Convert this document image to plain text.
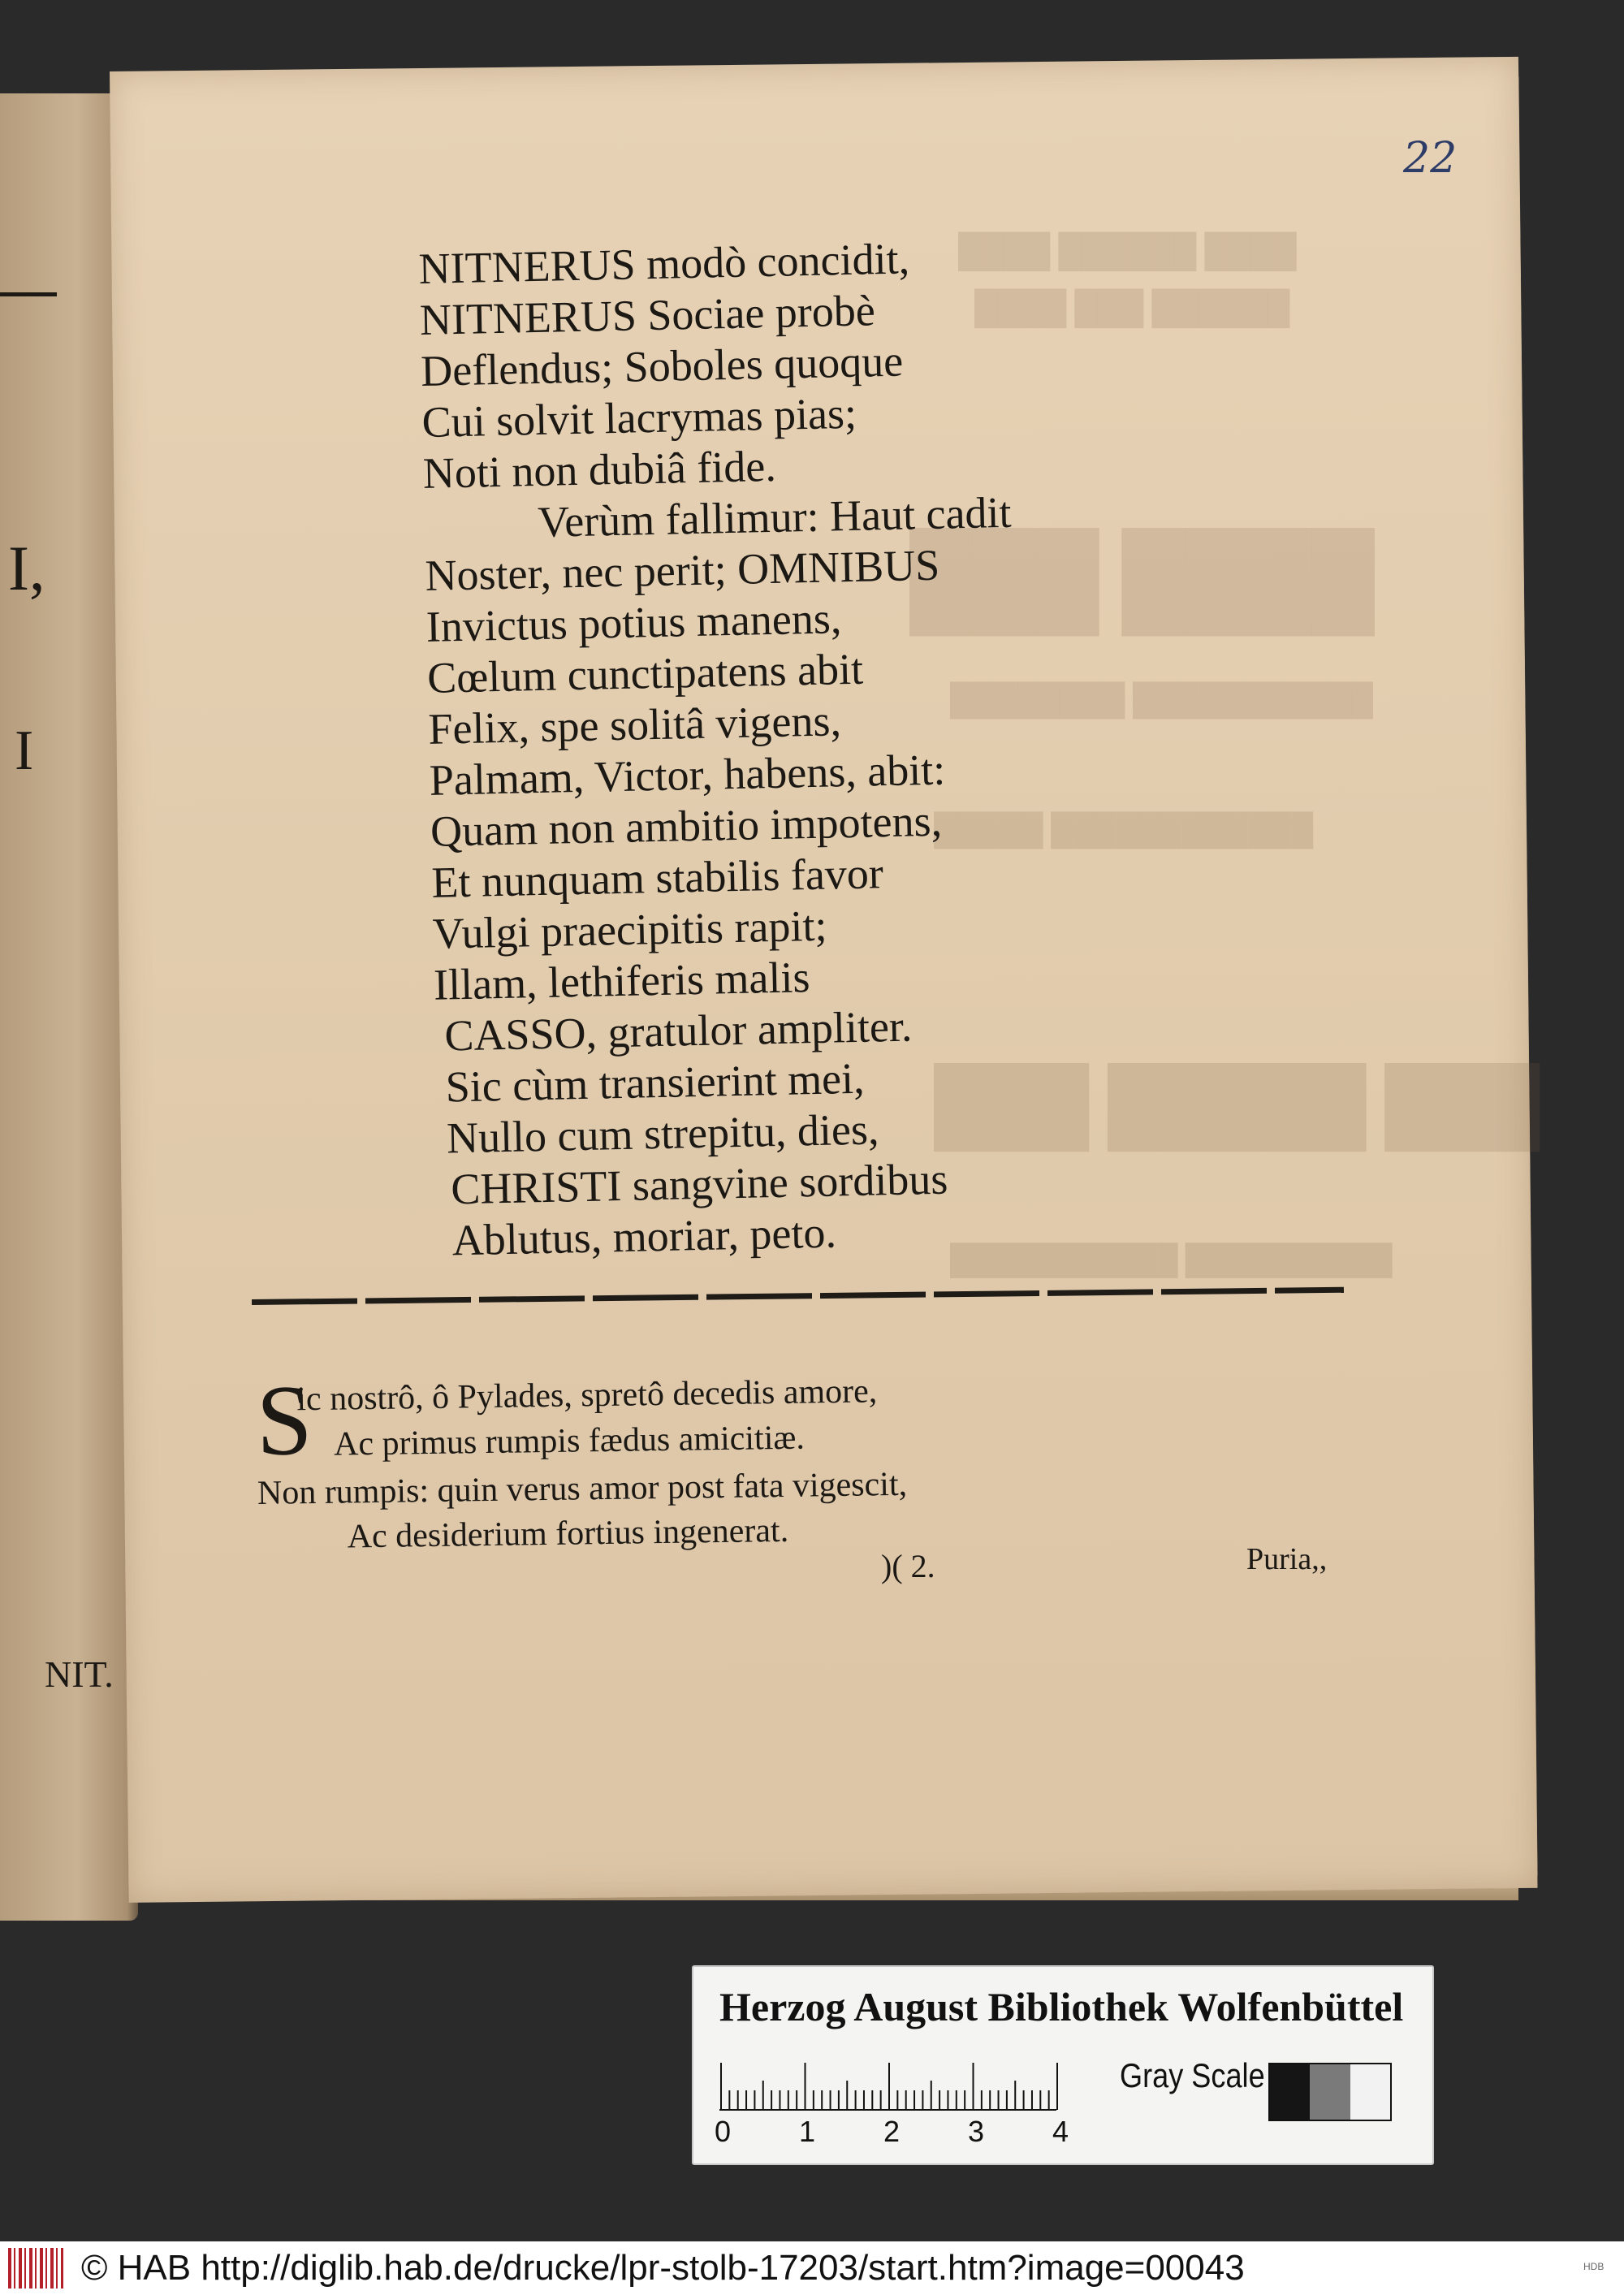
I,
I
NIT.
████ ██████ ████
██████ ███ ████
████ ███
███████████ ████████
████████████ █████
███ █████ ███
██████████ ███████████
22
NITNERUS modò concidit,
NITNERUS Sociae probè
Deflendus; Soboles quoque
Cui solvit lacrymas pias;
Noti non dubiâ fide.
Verùm fallimur: Haut cadit
Noster, nec perit; OMNIBUS
Invictus potius manens,
Cœlum cunctipatens abit
Felix, spe solitâ vigens,
Palmam, Victor, habens, abit:
Quam non ambitio impotens,
Et nunquam stabilis favor
Vulgi praecipitis rapit;
Illam, lethiferis malis
CASSO, gratulor ampliter.
Sic cùm transierint mei,
Nullo cum strepitu, dies,
CHRISTI sangvine sordibus
Ablutus, moriar, peto.
S
ic nostrô, ô Pylades, spretô decedis amore,
Ac primus rumpis fædus amicitiæ.
Non rumpis: quin verus amor post fata vigescit,
Ac desiderium fortius ingenerat.
)( 2.	Puria,,
Herzog August Bibliothek Wolfenbüttel
0 1 2 3 4
Gray Scale
© HAB http://diglib.hab.de/drucke/lpr-stolb-17203/start.htm?image=00043	HDB
